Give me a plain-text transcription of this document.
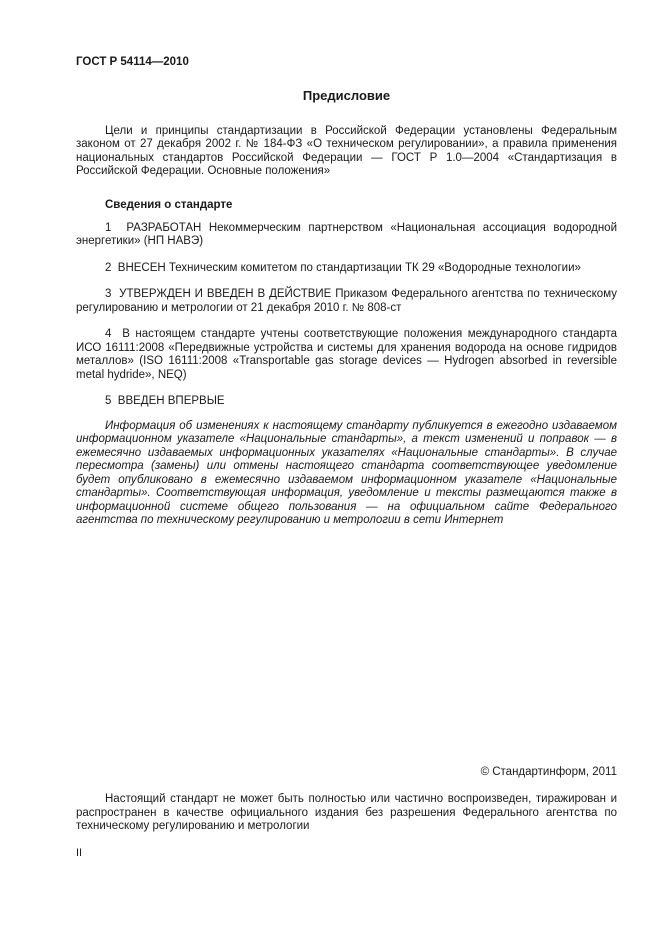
ГОСТ Р 54114—2010
Предисловие

Цели и принципы стандартизации в Российской Федерации установлены Федеральным законом от 27 декабря 2002 г. № 184-ФЗ «О техническом регулировании», а правила применения национальных стандартов Российской Федерации — ГОСТ Р 1.0—2004 «Стандартизация в Российской Федерации. Основные положения»

Сведения о стандарте

1  РАЗРАБОТАН Некоммерческим партнерством «Национальная ассоциация водородной энергетики» (НП НАВЭ)

2  ВНЕСЕН Техническим комитетом по стандартизации ТК 29 «Водородные технологии»

3  УТВЕРЖДЕН И ВВЕДЕН В ДЕЙСТВИЕ Приказом Федерального агентства по техническому регулированию и метрологии от 21 декабря 2010 г. № 808-ст

4  В настоящем стандарте учтены соответствующие положения международного стандарта ИСО 16111:2008 «Передвижные устройства и системы для хранения водорода на основе гидридов металлов» (ISO 16111:2008 «Transportable gas storage devices — Hydrogen absorbed in reversible metal hydride», NEQ)

5  ВВЕДЕН ВПЕРВЫЕ

Информация об изменениях к настоящему стандарту публикуется в ежегодно издаваемом информационном указателе «Национальные стандарты», а текст изменений и поправок — в ежемесячно издаваемых информационных указателях «Национальные стандарты». В случае пересмотра (замены) или отмены настоящего стандарта соответствующее уведомление будет опубликовано в ежемесячно издаваемом информационном указателе «Национальные стандарты». Соответствующая информация, уведомление и тексты размещаются также в информационной системе общего пользования — на официальном сайте Федерального агентства по техническому регулированию и метрологии в сети Интернет

© Стандартинформ, 2011

Настоящий стандарт не может быть полностью или частично воспроизведен, тиражирован и распространен в качестве официального издания без разрешения Федерального агентства по техническому регулированию и метрологии

II
